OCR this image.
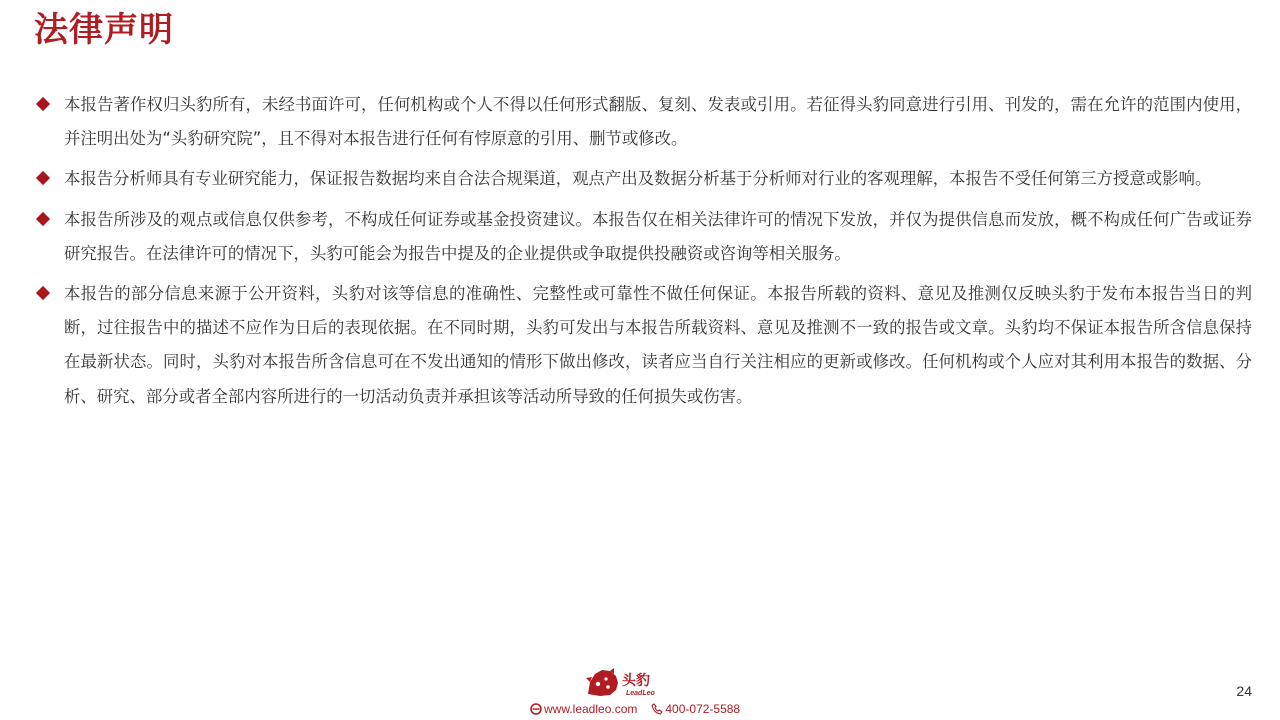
法律声明
本报告著作权归头豹所有，未经书面许可，任何机构或个人不得以任何形式翻版、复刻、发表或引用。若征得头豹同意进行引用、刊发的，需在允许的范围内使用，并注明出处为“头豹研究院”，且不得对本报告进行任何有悖原意的引用、删节或修改。
本报告分析师具有专业研究能力，保证报告数据均来自合法合规渠道，观点产出及数据分析基于分析师对行业的客观理解，本报告不受任何第三方授意或影响。
本报告所涉及的观点或信息仅供参考，不构成任何证券或基金投资建议。本报告仅在相关法律许可的情况下发放，并仅为提供信息而发放，概不构成任何广告或证券研究报告。在法律许可的情况下，头豹可能会为报告中提及的企业提供或争取提供投融资或咨询等相关服务。
本报告的部分信息来源于公开资料，头豹对该等信息的准确性、完整性或可靠性不做任何保证。本报告所载的资料、意见及推测仅反映头豹于发布本报告当日的判断，过往报告中的描述不应作为日后的表现依据。在不同时期，头豹可发出与本报告所载资料、意见及推测不一致的报告或文章。头豹均不保证本报告所含信息保持在最新状态。同时，头豹对本报告所含信息可在不发出通知的情形下做出修改，读者应当自行关注相应的更新或修改。任何机构或个人应对其利用本报告的数据、分析、研究、部分或者全部内容所进行的一切活动负责并承担该等活动所导致的任何损失或伤害。
头豹
LeadLeo
www.leadleo.com 400-072-5588
24
